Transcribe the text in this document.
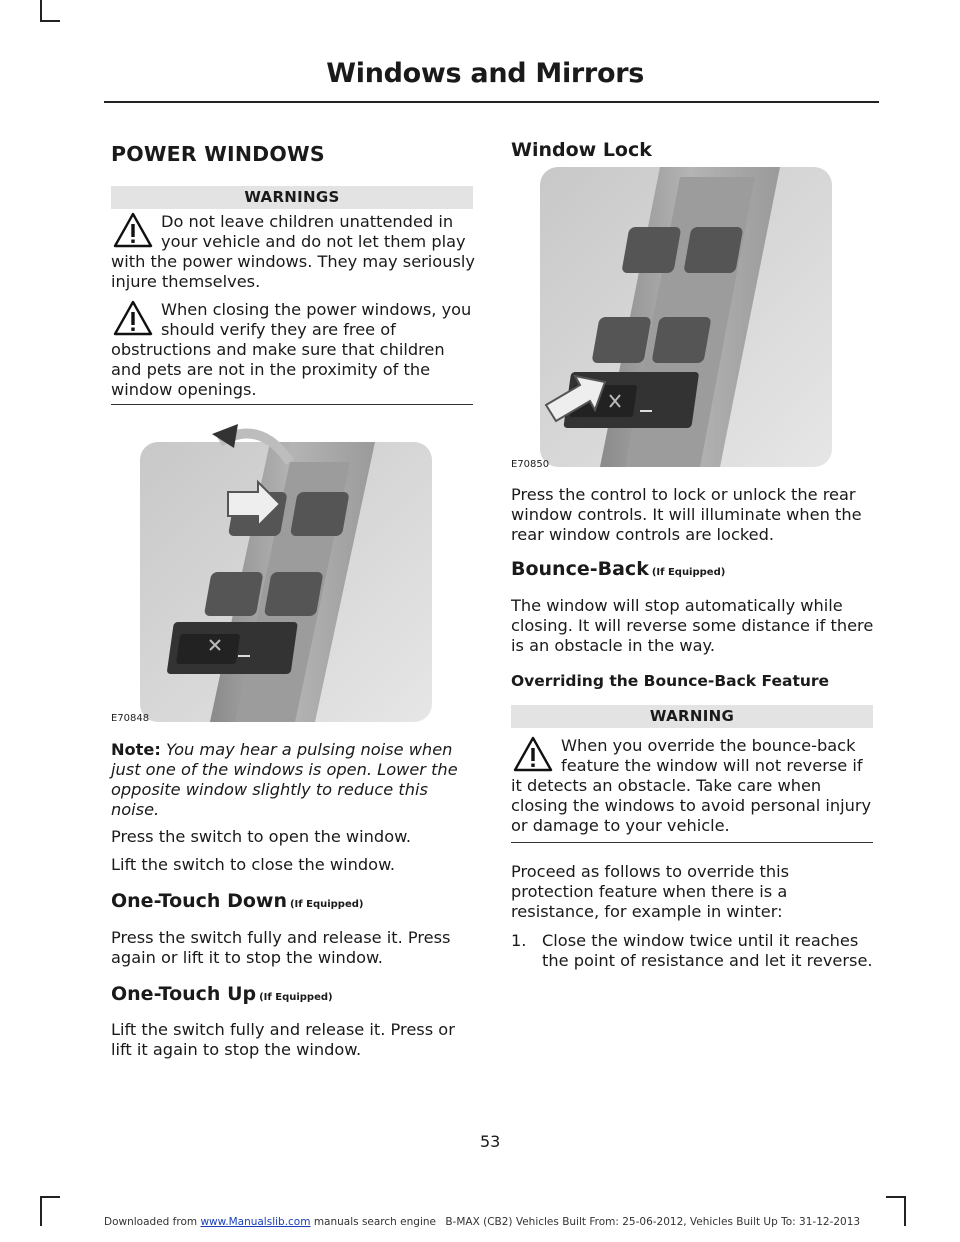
Windows and Mirrors
POWER WINDOWS
WARNINGS
Do not leave children unattended in your vehicle and do not let them play with the power windows. They may seriously injure themselves.
When closing the power windows, you should verify they are free of obstructions and make sure that children and pets are not in the proximity of the window openings.
E70848
Note: You may hear a pulsing noise when just one of the windows is open. Lower the opposite window slightly to reduce this noise.
Press the switch to open the window.
Lift the switch to close the window.
One-Touch Down (If Equipped)
Press the switch fully and release it. Press again or lift it to stop the window.
One-Touch Up (If Equipped)
Lift the switch fully and release it. Press or lift it again to stop the window.
Window Lock
E70850
Press the control to lock or unlock the rear window controls. It will illuminate when the rear window controls are locked.
Bounce-Back (If Equipped)
The window will stop automatically while closing. It will reverse some distance if there is an obstacle in the way.
Overriding the Bounce-Back Feature
WARNING
When you override the bounce-back feature the window will not reverse if it detects an obstacle. Take care when closing the windows to avoid personal injury or damage to your vehicle.
Proceed as follows to override this protection feature when there is a resistance, for example in winter:
1. Close the window twice until it reaches the point of resistance and let it reverse.
53
Downloaded from www.Manualslib.com manuals search engine B-MAX (CB2) Vehicles Built From: 25-06-2012, Vehicles Built Up To: 31-12-2013
